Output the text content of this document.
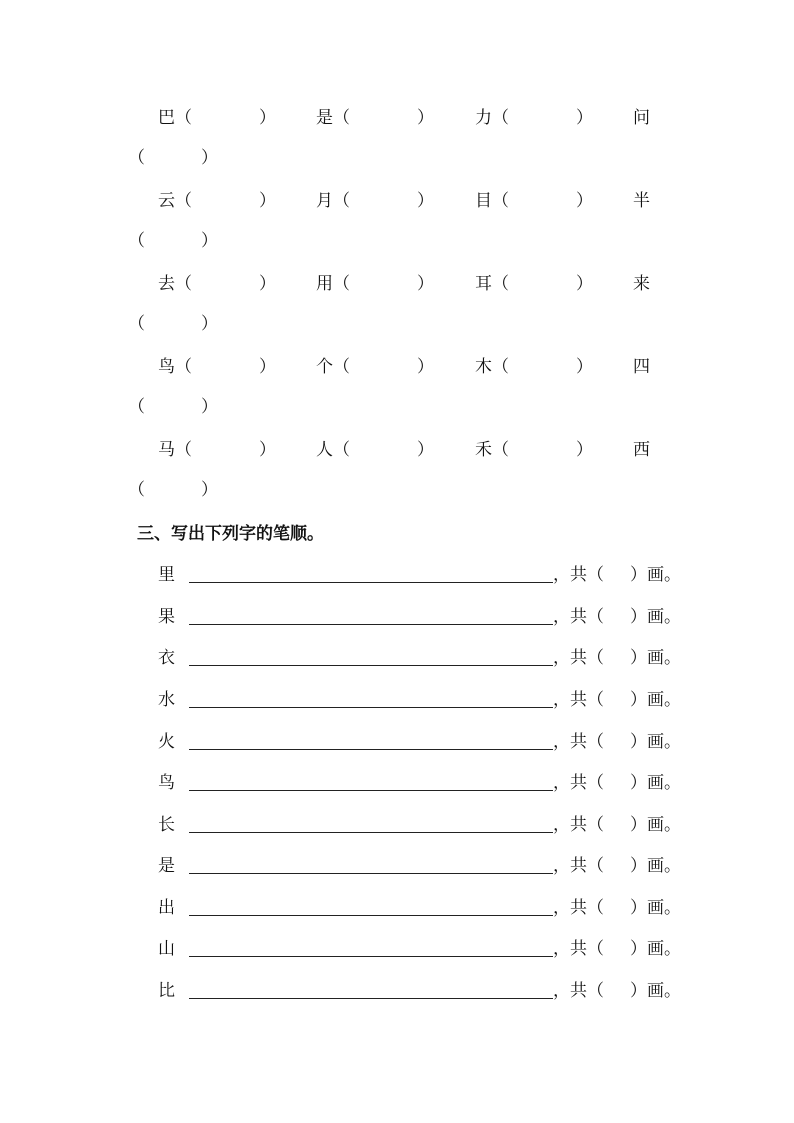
巴（	） 是（	） 力（	） 问
（	）
云（	） 月（	） 目（	） 半
（	）
去（	） 用（	） 耳（	） 来
（	）
鸟（	） 个（	） 木（	） 四
（	）
马（	） 人（	） 禾（	） 西
（	）
三、写出下列字的笔顺。
里	，共（ ）画。
果	，共（ ）画。
衣	，共（ ）画。
水	，共（ ）画。
火	，共（ ）画。
鸟	，共（ ）画。
长	，共（ ）画。
是	，共（ ）画。
出	，共（ ）画。
山	，共（ ）画。
比	，共（ ）画。
